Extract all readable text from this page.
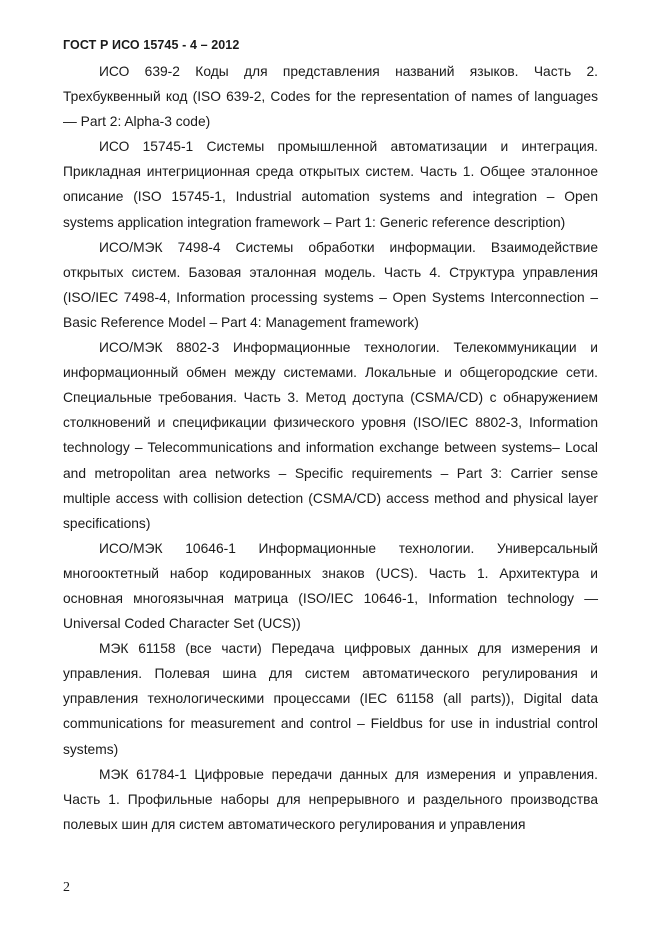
ГОСТ Р ИСО 15745 - 4 – 2012

ИСО 639-2 Коды для представления названий языков. Часть 2. Трехбуквенный код (ISO 639-2, Codes for the representation of names of languages — Part 2: Alpha-3 code)

ИСО 15745-1 Системы промышленной автоматизации и интеграция. Прикладная интегриционная среда открытых систем. Часть 1. Общее эталонное описание (ISO 15745-1, Industrial automation systems and integration – Open systems application integration framework – Part 1: Generic reference description)

ИСО/МЭК 7498-4 Системы обработки информации. Взаимодействие открытых систем. Базовая эталонная модель. Часть 4. Структура управления (ISO/IEC 7498-4, Information processing systems – Open Systems Interconnection – Basic Reference Model – Part 4: Management framework)

ИСО/МЭК 8802-3 Информационные технологии. Телекоммуникации и информационный обмен между системами. Локальные и общегородские сети. Специальные требования. Часть 3. Метод доступа (CSMA/CD) с обнаружением столкновений и спецификации физического уровня (ISO/IEC 8802-3, Information technology – Telecommunications and information exchange between systems– Local and metropolitan area networks – Specific requirements – Part 3: Carrier sense multiple access with collision detection (CSMA/CD) access method and physical layer specifications)

ИСО/МЭК 10646-1 Информационные технологии. Универсальный многооктетный набор кодированных знаков (UCS). Часть 1. Архитектура и основная многоязычная матрица (ISO/IEC 10646-1, Information technology — Universal Coded Character Set (UCS))

МЭК 61158 (все части) Передача цифровых данных для измерения и управления. Полевая шина для систем автоматического регулирования и управления технологическими процессами (IEC 61158 (all parts)), Digital data communications for measurement and control – Fieldbus for use in industrial control systems)

МЭК 61784-1 Цифровые передачи данных для измерения и управления. Часть 1. Профильные наборы для непрерывного и раздельного производства полевых шин для систем автоматического регулирования и управления

2
